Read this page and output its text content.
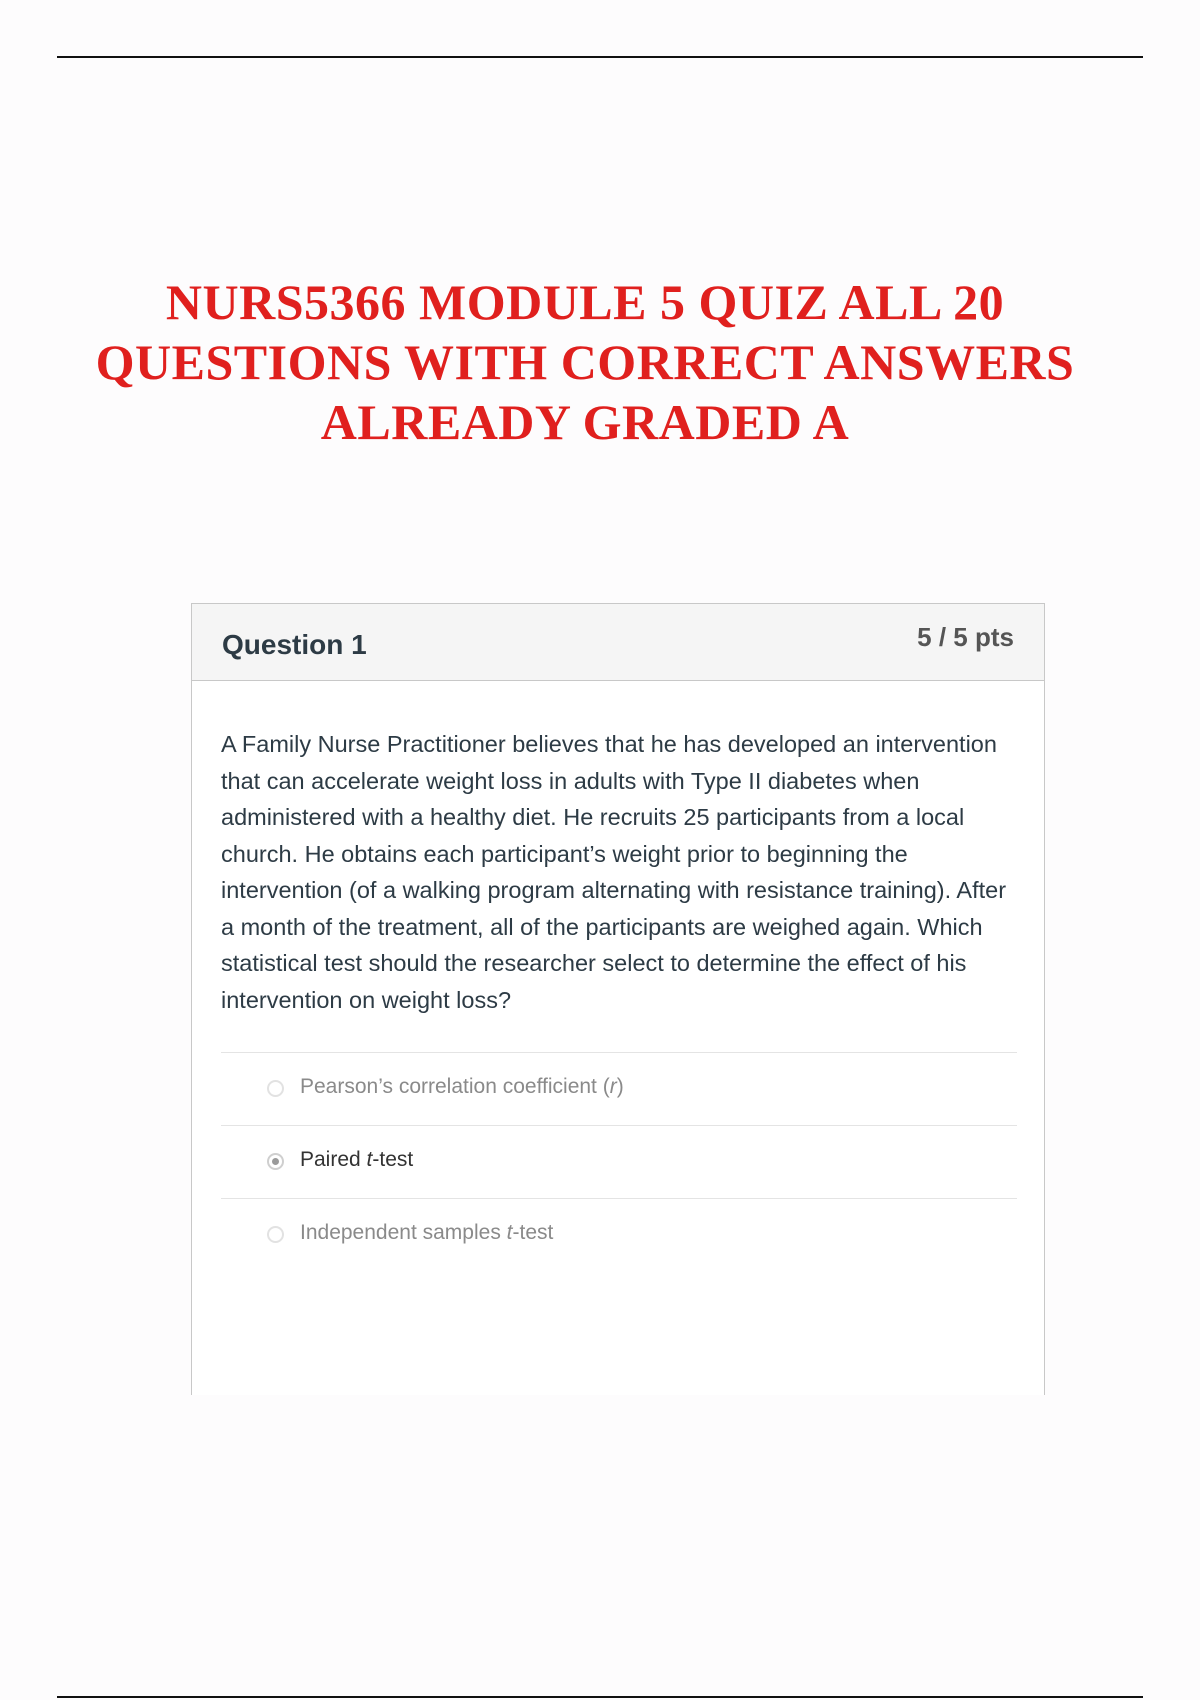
NURS5366 MODULE 5 QUIZ ALL 20
QUESTIONS WITH CORRECT ANSWERS
ALREADY GRADED A
Question 1	5 / 5 pts
A Family Nurse Practitioner believes that he has developed an intervention that can accelerate weight loss in adults with Type II diabetes when administered with a healthy diet. He recruits 25 participants from a local church. He obtains each participant’s weight prior to beginning the intervention (of a walking program alternating with resistance training). After a month of the treatment, all of the participants are weighed again. Which statistical test should the researcher select to determine the effect of his intervention on weight loss?
Pearson’s correlation coefficient (r)
Paired t-test
Independent samples t-test
